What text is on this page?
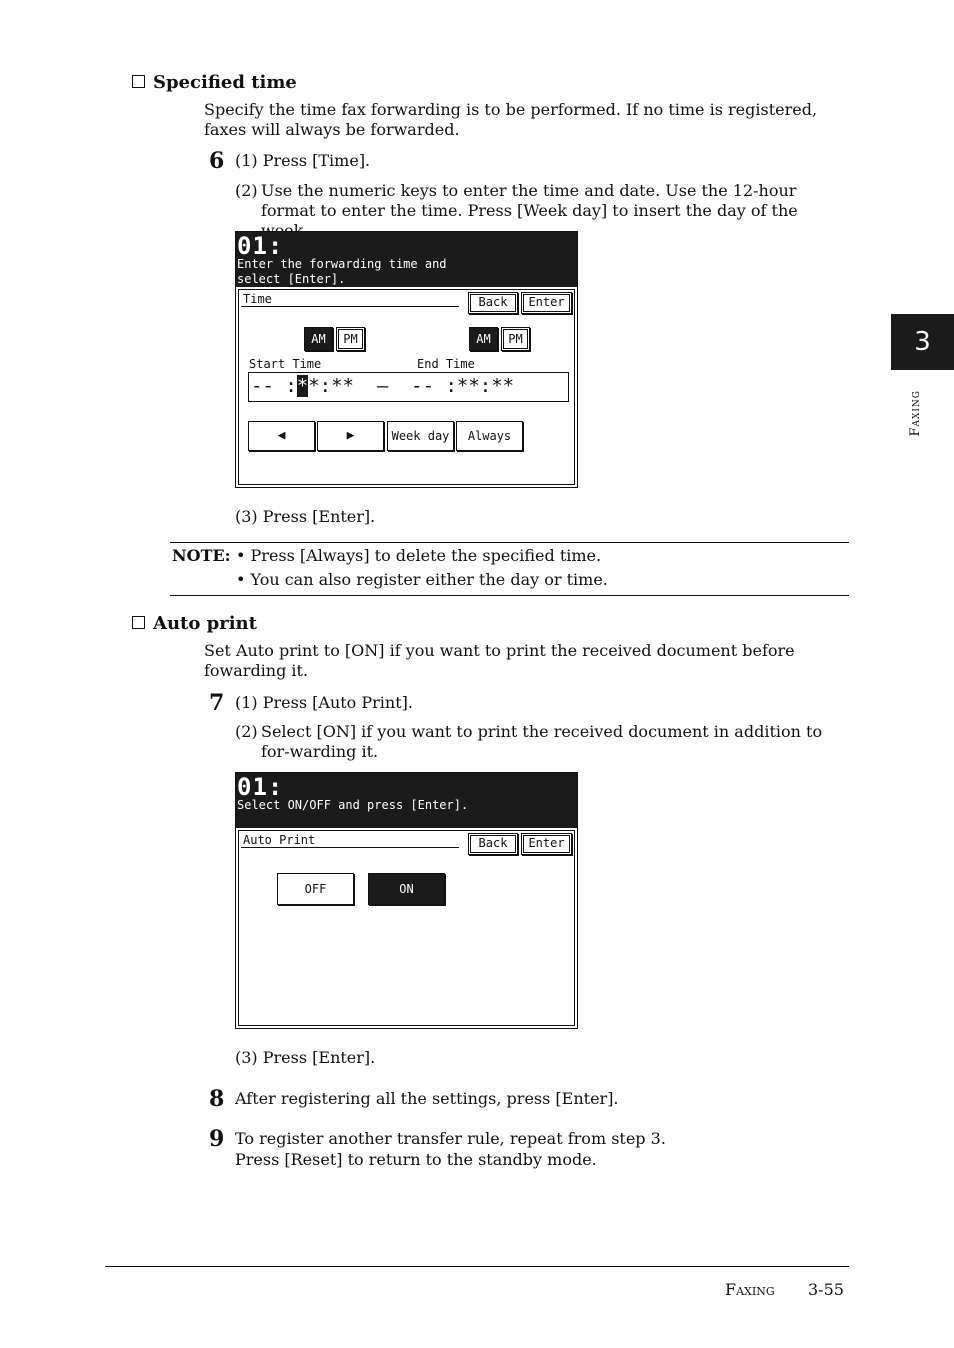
Specified time
Specify the time fax forwarding is to be performed. If no time is registered, faxes will always be forwarded.
6 (1) Press [Time].
(2) Use the numeric keys to enter the time and date. Use the 12-hour format to enter the time. Press [Week day] to insert the day of the
01:
Enter the forwarding time and
select [Enter].
Time	Back	Enter
AM	PM	AM	PM
Start Time	End Time
-- :**:**  —  -- :**:**
◀	▶	Week day	Always
(3) Press [Enter].
NOTE: • Press [Always] to delete the specified time.
• You can also register either the day or time.
Auto print
Set Auto print to [ON] if you want to print the received document before fowarding it.
7 (1) Press [Auto Print].
(2) Select [ON] if you want to print the received document in addition to for-warding it.
01:
Select ON/OFF and press [Enter].
Auto Print	Back	Enter
OFF	ON
(3) Press [Enter].
8 After registering all the settings, press [Enter].
9 To register another transfer rule, repeat from step 3.
Press [Reset] to return to the standby mode.
3
Faxing
Faxing 3-55
